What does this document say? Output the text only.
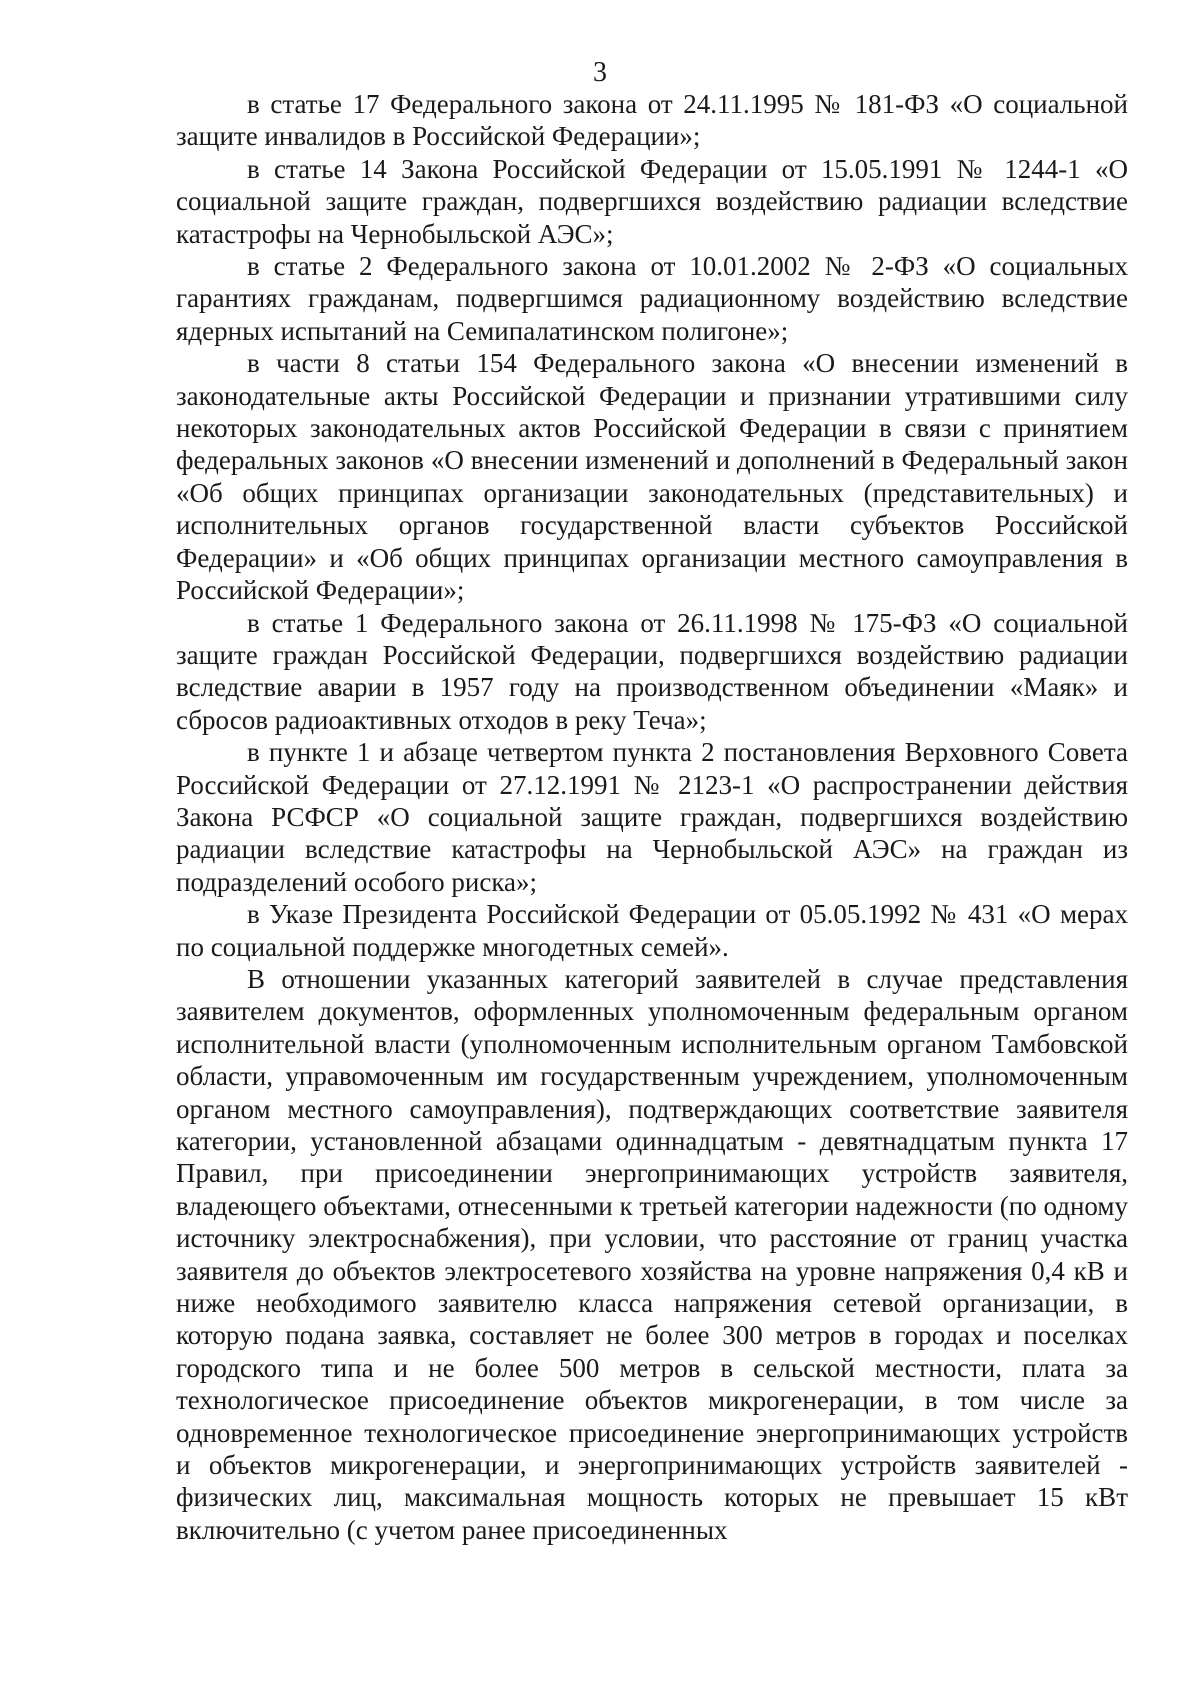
3

в статье 17 Федерального закона от 24.11.1995 № 181-ФЗ «О социальной защите инвалидов в Российской Федерации»;

в статье 14 Закона Российской Федерации от 15.05.1991 № 1244-1 «О социальной защите граждан, подвергшихся воздействию радиации вследствие катастрофы на Чернобыльской АЭС»;

в статье 2 Федерального закона от 10.01.2002 № 2-ФЗ «О социальных гарантиях гражданам, подвергшимся радиационному воздействию вследствие ядерных испытаний на Семипалатинском полигоне»;

в части 8 статьи 154 Федерального закона «О внесении изменений в законодательные акты Российской Федерации и признании утратившими силу некоторых законодательных актов Российской Федерации в связи с принятием федеральных законов «О внесении изменений и дополнений в Федеральный закон «Об общих принципах организации законодательных (представительных) и исполнительных органов государственной власти субъектов Российской Федерации» и «Об общих принципах организации местного самоуправления в Российской Федерации»;

в статье 1 Федерального закона от 26.11.1998 № 175-ФЗ «О социальной защите граждан Российской Федерации, подвергшихся воздействию радиации вследствие аварии в 1957 году на производственном объединении «Маяк» и сбросов радиоактивных отходов в реку Теча»;

в пункте 1 и абзаце четвертом пункта 2 постановления Верховного Совета Российской Федерации от 27.12.1991 № 2123-1 «О распространении действия Закона РСФСР «О социальной защите граждан, подвергшихся воздействию радиации вследствие катастрофы на Чернобыльской АЭС» на граждан из подразделений особого риска»;

в Указе Президента Российской Федерации от 05.05.1992 № 431 «О мерах по социальной поддержке многодетных семей».

В отношении указанных категорий заявителей в случае представления заявителем документов, оформленных уполномоченным федеральным органом исполнительной власти (уполномоченным исполнительным органом Тамбовской области, управомоченным им государственным учреждением, уполномоченным органом местного самоуправления), подтверждающих соответствие заявителя категории, установленной абзацами одиннадцатым - девятнадцатым пункта 17 Правил, при присоединении энергопринимающих устройств заявителя, владеющего объектами, отнесенными к третьей категории надежности (по одному источнику электроснабжения), при условии, что расстояние от границ участка заявителя до объектов электросетевого хозяйства на уровне напряжения 0,4 кВ и ниже необходимого заявителю класса напряжения сетевой организации, в которую подана заявка, составляет не более 300 метров в городах и поселках городского типа и не более 500 метров в сельской местности, плата за технологическое присоединение объектов микрогенерации, в том числе за одновременное технологическое присоединение энергопринимающих устройств и объектов микрогенерации, и энергопринимающих устройств заявителей - физических лиц, максимальная мощность которых не превышает 15 кВт включительно (с учетом ранее присоединенных
